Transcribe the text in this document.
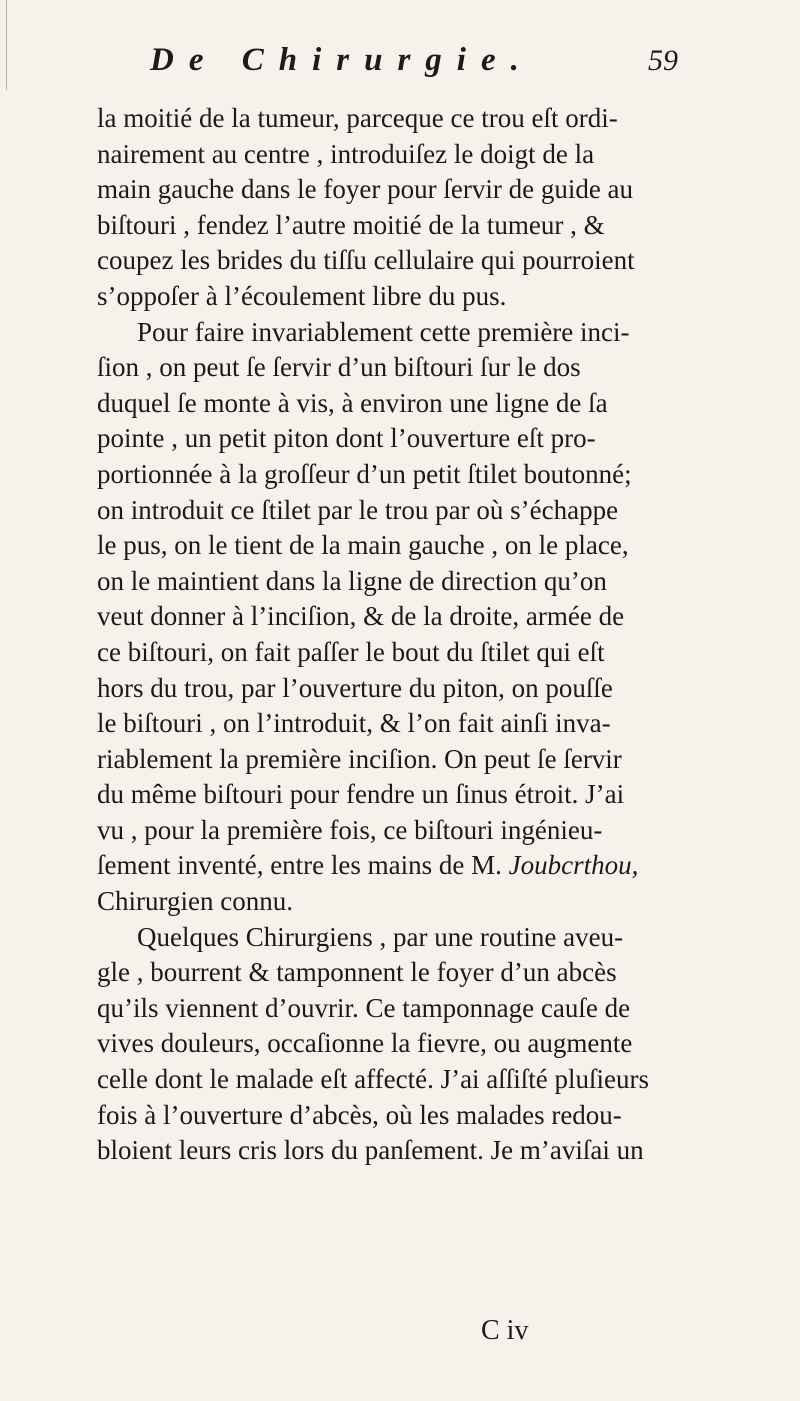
De Chirurgie.	59
la moitié de la tumeur, parceque ce trou eſt ordi-
nairement au centre , introduiſez le doigt de la
main gauche dans le foyer pour ſervir de guide au
biſtouri , fendez l’autre moitié de la tumeur , &
coupez les brides du tiſſu cellulaire qui pourroient
s’oppoſer à l’écoulement libre du pus.
Pour faire invariablement cette première inci-
ſion , on peut ſe ſervir d’un biſtouri ſur le dos
duquel ſe monte à vis, à environ une ligne de ſa
pointe , un petit piton dont l’ouverture eſt pro-
portionnée à la groſſeur d’un petit ſtilet boutonné;
on introduit ce ſtilet par le trou par où s’échappe
le pus, on le tient de la main gauche , on le place,
on le maintient dans la ligne de direction qu’on
veut donner à l’inciſion, & de la droite, armée de
ce biſtouri, on fait paſſer le bout du ſtilet qui eſt
hors du trou, par l’ouverture du piton, on pouſſe
le biſtouri , on l’introduit, & l’on fait ainſi inva-
riablement la première inciſion. On peut ſe ſervir
du même biſtouri pour fendre un ſinus étroit. J’ai
vu , pour la première fois, ce biſtouri ingénieu-
ſement inventé, entre les mains de M. Joubcrthou,
Chirurgien connu.
Quelques Chirurgiens , par une routine aveu-
gle , bourrent & tamponnent le foyer d’un abcès
qu’ils viennent d’ouvrir. Ce tamponnage cauſe de
vives douleurs, occaſionne la fievre, ou augmente
celle dont le malade eſt affecté. J’ai aſſiſté pluſieurs
fois à l’ouverture d’abcès, où les malades redou-
bloient leurs cris lors du panſement. Je m’aviſai un
C iv
